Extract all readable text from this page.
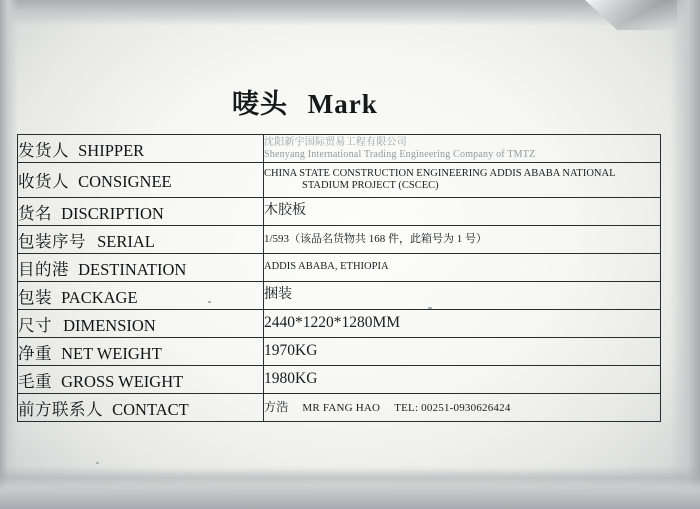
唛头 Mark
发货人 SHIPPER	沈阳新宇国际贸易工程有限公司
Shenyang International Trading Engineering Company of TMTZ

收货人 CONSIGNEE	CHINA STATE CONSTRUCTION ENGINEERING ADDIS ABABA NATIONAL
STADIUM PROJECT (CSCEC)

货名 DISCRIPTION	木胶板
包装序号 SERIAL	1/593（该品名货物共 168 件，此箱号为 1 号）
目的港 DESTINATION	ADDIS ABABA, ETHIOPIA
包装 PACKAGE	捆装
尺寸 DIMENSION	2440*1220*1280MM
净重 NET WEIGHT	1970KG
毛重 GROSS WEIGHT	1980KG
前方联系人 CONTACT	方浩 MR FANG HAO TEL: 00251-0930626424
